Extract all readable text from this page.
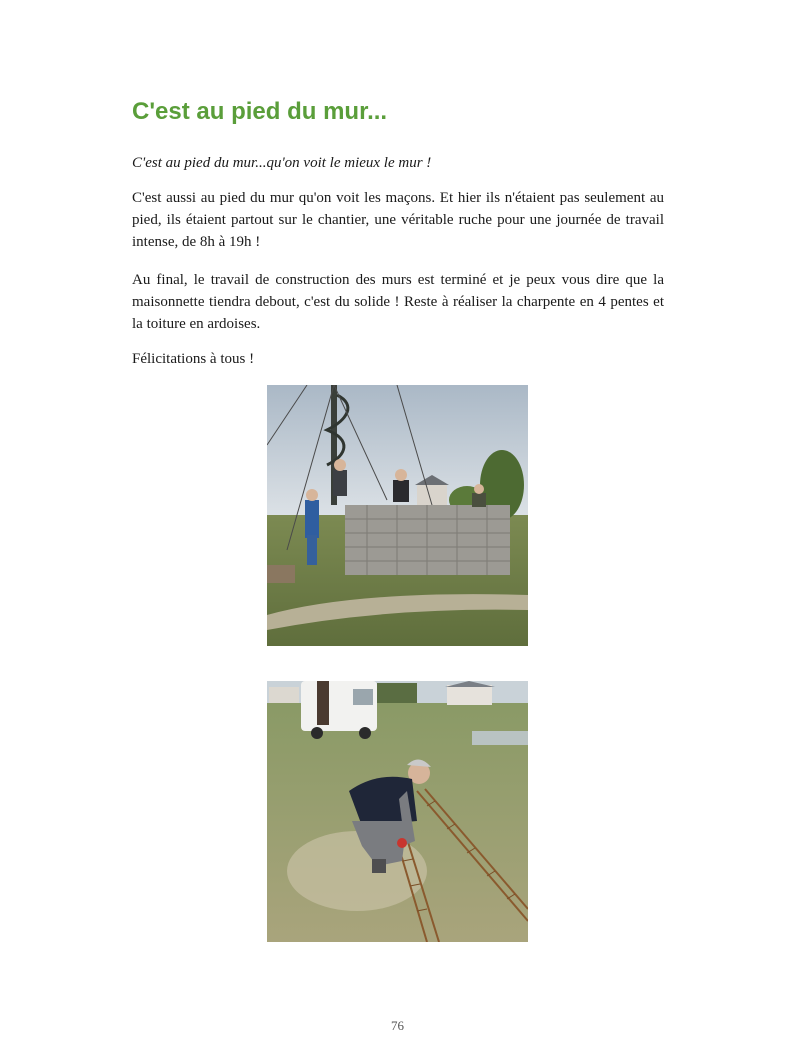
C'est au pied du mur...

C'est au pied du mur...qu'on voit le mieux le mur !

C'est aussi au pied du mur qu'on voit les maçons. Et hier ils n'étaient pas seulement au pied, ils étaient partout sur le chantier, une véritable ruche pour une journée de travail intense, de 8h à 19h !

Au final, le travail de construction des murs est terminé et je peux vous dire que la maisonnette tiendra debout, c'est du solide ! Reste à réaliser la charpente en 4 pentes et la toiture en ardoises.

Félicitations à tous !

76
